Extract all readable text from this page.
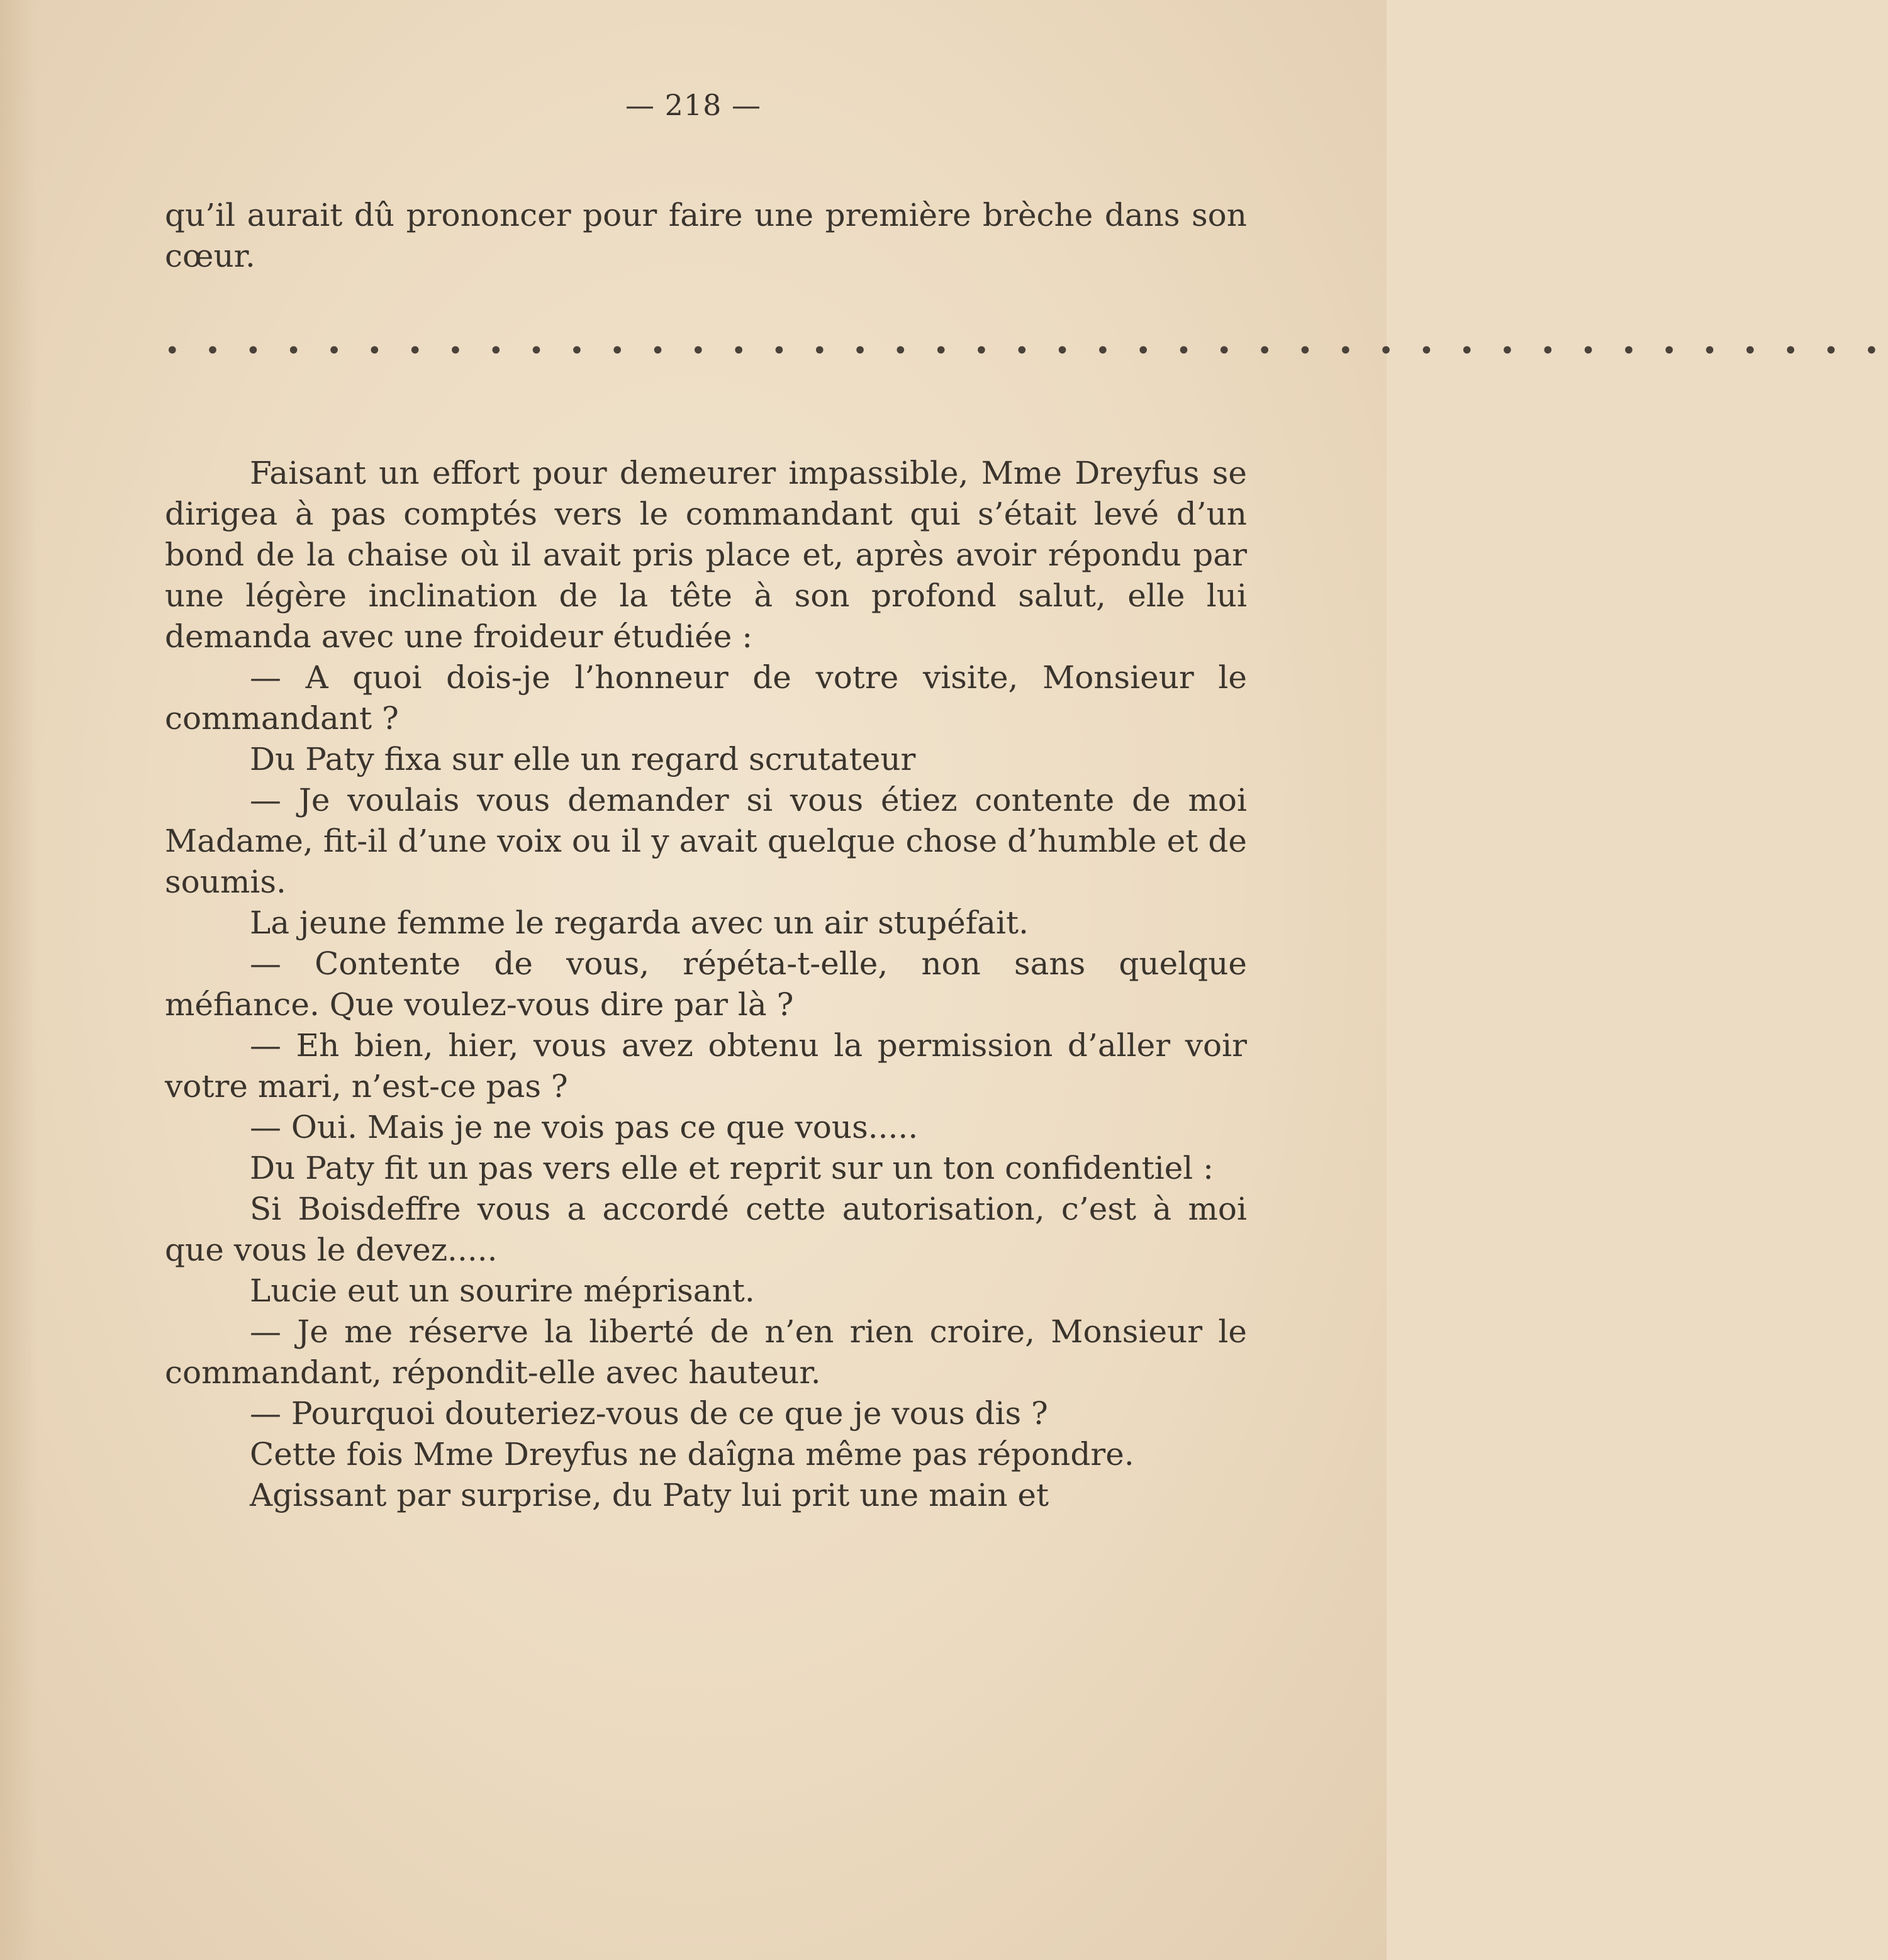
— 218 —
qu’il aurait dû prononcer pour faire une première brèche dans son cœur.
• • • • • • • • • • • • • • • • • • • • • • • • • • • • • • • • • • • • • • • • • • •

Faisant un effort pour demeurer impassible, Mme Dreyfus se dirigea à pas comptés vers le commandant qui s’était levé d’un bond de la chaise où il avait pris place et, après avoir répondu par une légère inclination de la tête à son profond salut, elle lui demanda avec une froideur étudiée :

— A quoi dois-je l’honneur de votre visite, Monsieur le commandant ?

Du Paty fixa sur elle un regard scrutateur

— Je voulais vous demander si vous étiez contente de moi Madame, fit-il d’une voix ou il y avait quelque chose d’humble et de soumis.

La jeune femme le regarda avec un air stupéfait.

— Contente de vous, répéta-t-elle, non sans quelque méfiance. Que voulez-vous dire par là ?

— Eh bien, hier, vous avez obtenu la permission d’aller voir votre mari, n’est-ce pas ?

— Oui. Mais je ne vois pas ce que vous.....

Du Paty fit un pas vers elle et reprit sur un ton confidentiel :

Si Boisdeffre vous a accordé cette autorisation, c’est à moi que vous le devez.....

Lucie eut un sourire méprisant.

— Je me réserve la liberté de n’en rien croire, Monsieur le commandant, répondit-elle avec hauteur.

— Pourquoi douteriez-vous de ce que je vous dis ?

Cette fois Mme Dreyfus ne daîgna même pas répondre.

Agissant par surprise, du Paty lui prit une main et
